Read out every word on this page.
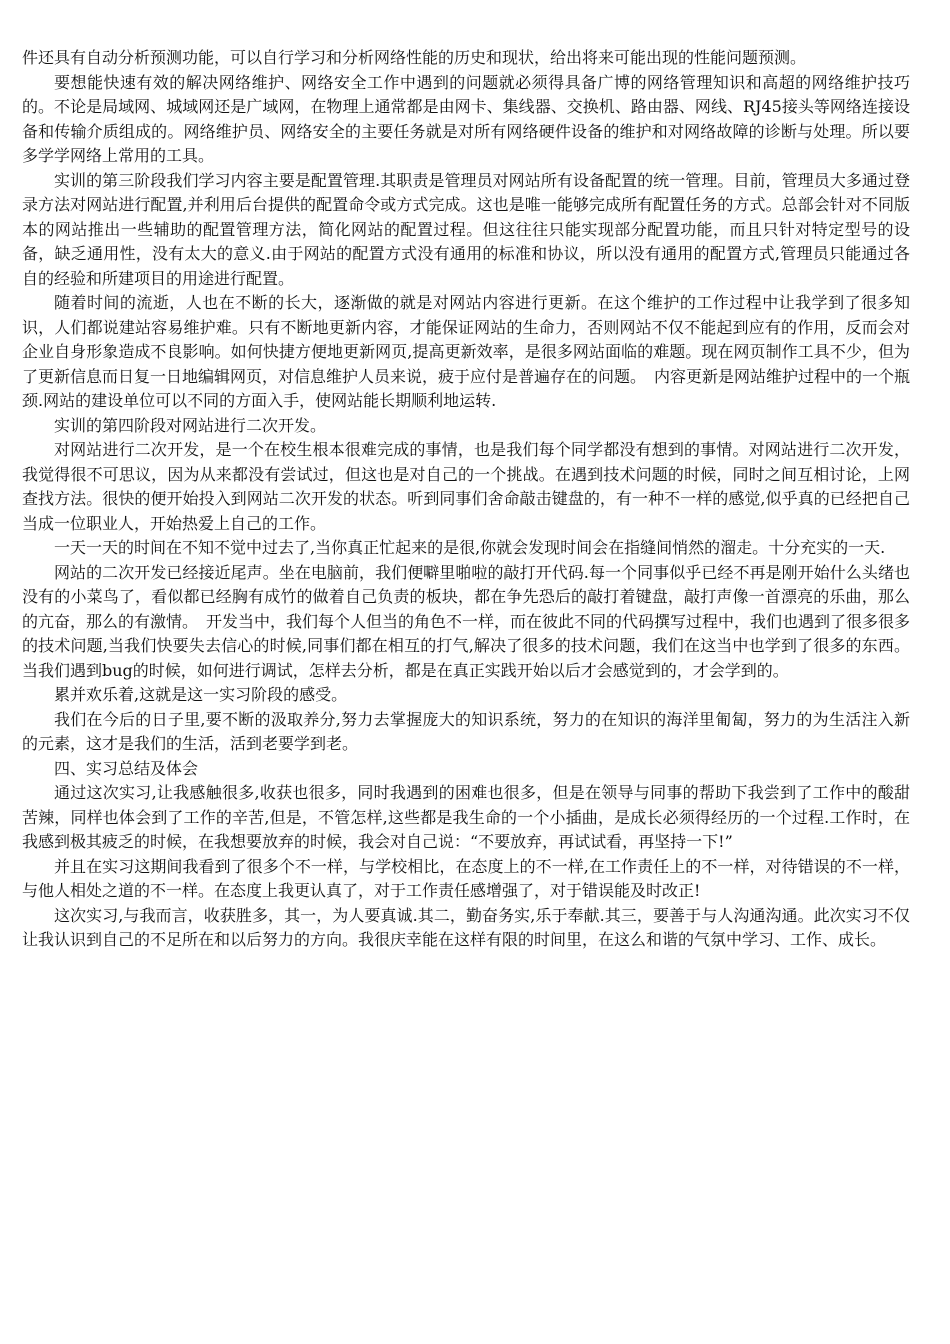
件还具有自动分析预测功能，可以自行学习和分析网络性能的历史和现状，给出将来可能出现的性能问题预测。

要想能快速有效的解决网络维护、网络安全工作中遇到的问题就必须得具备广博的网络管理知识和高超的网络维护技巧的。不论是局域网、城域网还是广域网，在物理上通常都是由网卡、集线器、交换机、路由器、网线、RJ45接头等网络连接设备和传输介质组成的。网络维护员、网络安全的主要任务就是对所有网络硬件设备的维护和对网络故障的诊断与处理。所以要多学学网络上常用的工具。

实训的第三阶段我们学习内容主要是配置管理.其职责是管理员对网站所有设备配置的统一管理。目前，管理员大多通过登录方法对网站进行配置,并利用后台提供的配置命令或方式完成。这也是唯一能够完成所有配置任务的方式。总部会针对不同版本的网站推出一些辅助的配置管理方法，简化网站的配置过程。但这往往只能实现部分配置功能，而且只针对特定型号的设备，缺乏通用性，没有太大的意义.由于网站的配置方式没有通用的标准和协议，所以没有通用的配置方式,管理员只能通过各自的经验和所建项目的用途进行配置。

随着时间的流逝，人也在不断的长大，逐渐做的就是对网站内容进行更新。在这个维护的工作过程中让我学到了很多知识，人们都说建站容易维护难。只有不断地更新内容，才能保证网站的生命力，否则网站不仅不能起到应有的作用，反而会对企业自身形象造成不良影响。如何快捷方便地更新网页,提高更新效率，是很多网站面临的难题。现在网页制作工具不少，但为了更新信息而日复一日地编辑网页，对信息维护人员来说，疲于应付是普遍存在的问题。　内容更新是网站维护过程中的一个瓶颈.网站的建设单位可以不同的方面入手，使网站能长期顺利地运转.

实训的第四阶段对网站进行二次开发。

对网站进行二次开发，是一个在校生根本很难完成的事情，也是我们每个同学都没有想到的事情。对网站进行二次开发，我觉得很不可思议，因为从来都没有尝试过，但这也是对自己的一个挑战。在遇到技术问题的时候，同时之间互相讨论，上网查找方法。很快的便开始投入到网站二次开发的状态。听到同事们舍命敲击键盘的，有一种不一样的感觉,似乎真的已经把自己当成一位职业人，开始热爱上自己的工作。

一天一天的时间在不知不觉中过去了,当你真正忙起来的是很,你就会发现时间会在指缝间悄然的溜走。十分充实的一天.

网站的二次开发已经接近尾声。坐在电脑前，我们便噼里啪啦的敲打开代码.每一个同事似乎已经不再是刚开始什么头绪也没有的小菜鸟了，看似都已经胸有成竹的做着自己负责的板块，都在争先恐后的敲打着键盘，敲打声像一首漂亮的乐曲，那么的亢奋，那么的有激情。　开发当中，我们每个人但当的角色不一样，而在彼此不同的代码撰写过程中，我们也遇到了很多很多的技术问题,当我们快要失去信心的时候,同事们都在相互的打气,解决了很多的技术问题，我们在这当中也学到了很多的东西。当我们遇到bug的时候，如何进行调试，怎样去分析，都是在真正实践开始以后才会感觉到的，才会学到的。

累并欢乐着,这就是这一实习阶段的感受。

我们在今后的日子里,要不断的汲取养分,努力去掌握庞大的知识系统，努力的在知识的海洋里匍匐，努力的为生活注入新的元素，这才是我们的生活，活到老要学到老。

四、实习总结及体会

通过这次实习,让我感触很多,收获也很多，同时我遇到的困难也很多，但是在领导与同事的帮助下我尝到了工作中的酸甜苦辣，同样也体会到了工作的辛苦,但是，不管怎样,这些都是我生命的一个小插曲，是成长必须得经历的一个过程.工作时，在我感到极其疲乏的时候，在我想要放弃的时候，我会对自己说：“不要放弃，再试试看，再坚持一下!”

并且在实习这期间我看到了很多个不一样，与学校相比，在态度上的不一样,在工作责任上的不一样，对待错误的不一样，与他人相处之道的不一样。在态度上我更认真了，对于工作责任感增强了，对于错误能及时改正!

这次实习,与我而言，收获胜多，其一，为人要真诚.其二，勤奋务实,乐于奉献.其三，要善于与人沟通沟通。此次实习不仅让我认识到自己的不足所在和以后努力的方向。我很庆幸能在这样有限的时间里，在这么和谐的气氛中学习、工作、成长。
